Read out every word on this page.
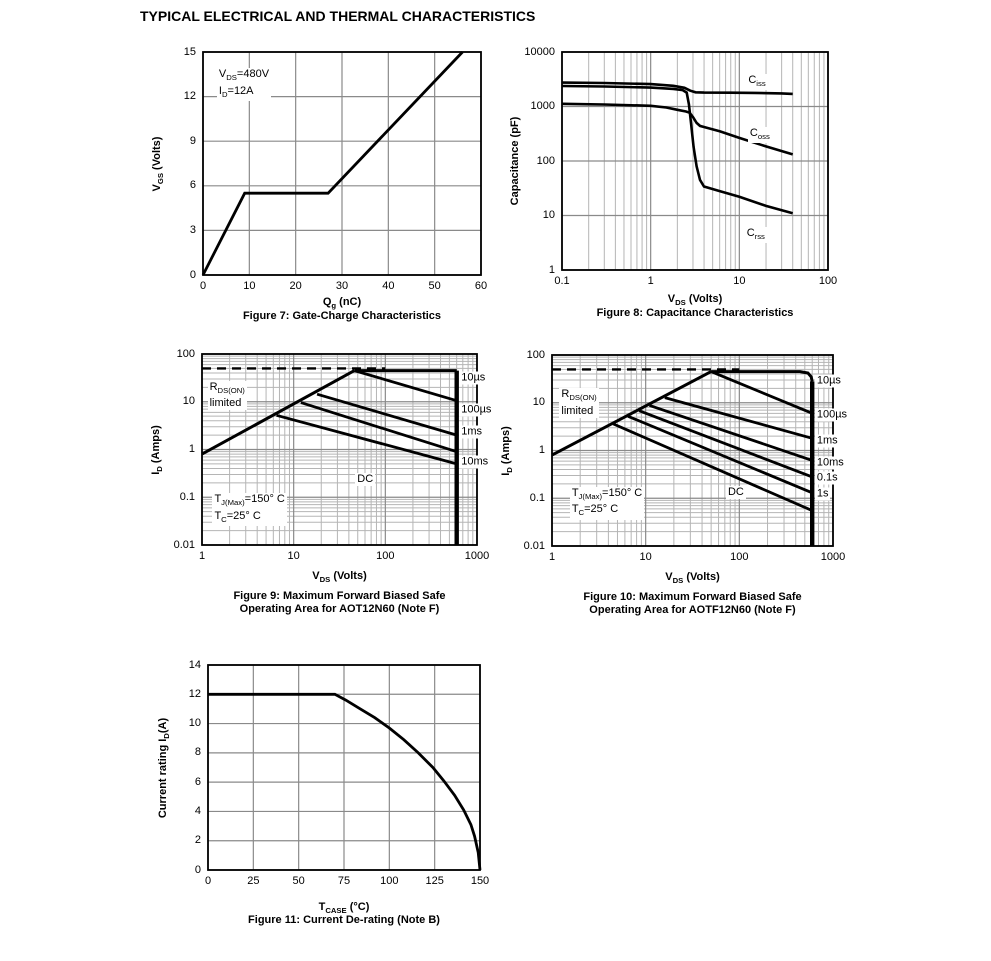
TYPICAL ELECTRICAL AND THERMAL CHARACTERISTICS
0	10	20	30	40	50	60
0
3
6
9
12
15
$Q_g$ (nC)
$V_{GS}$ (Volts)
Figure 7: Gate-Charge Characteristics
$V_{DS}=480V$
$I_D=12A$
0.1	1	10	100
1
10
100
1000
10000
$V_{DS}$ (Volts)
Capacitance (pF)
Figure 8: Capacitance Characteristics
$C_{iss}$
$C_{oss}$
$C_{rss}$
1	10	100	1000
100
10
1
0.1
0.01
$V_{DS}$ (Volts)
$I_D$ (Amps)
Figure 9: Maximum Forward Biased Safe
Operating Area for AOT12N60 (Note F)
$R_{DS(ON)}$
limited
$T_{J(Max)}=150^\circ$ C
$T_C=25^\circ$ C
DC
10µs
100µs
1ms
10ms
1	10	100	1000
100
10
1
0.1
0.01
$V_{DS}$ (Volts)
$I_D$ (Amps)
Figure 10: Maximum Forward Biased Safe
Operating Area for AOTF12N60 (Note F)
$R_{DS(ON)}$
limited
$T_{J(Max)}=150^\circ$ C
$T_C=25^\circ$ C
DC
10µs
100µs
1ms
10ms
0.1s
1s
0	25	50	75	100 125 150
0
2
4
6
8
10
12
14
$T_{CASE}$ (°C)
Current rating $I_D(A)$
Figure 11: Current De-rating (Note B)
